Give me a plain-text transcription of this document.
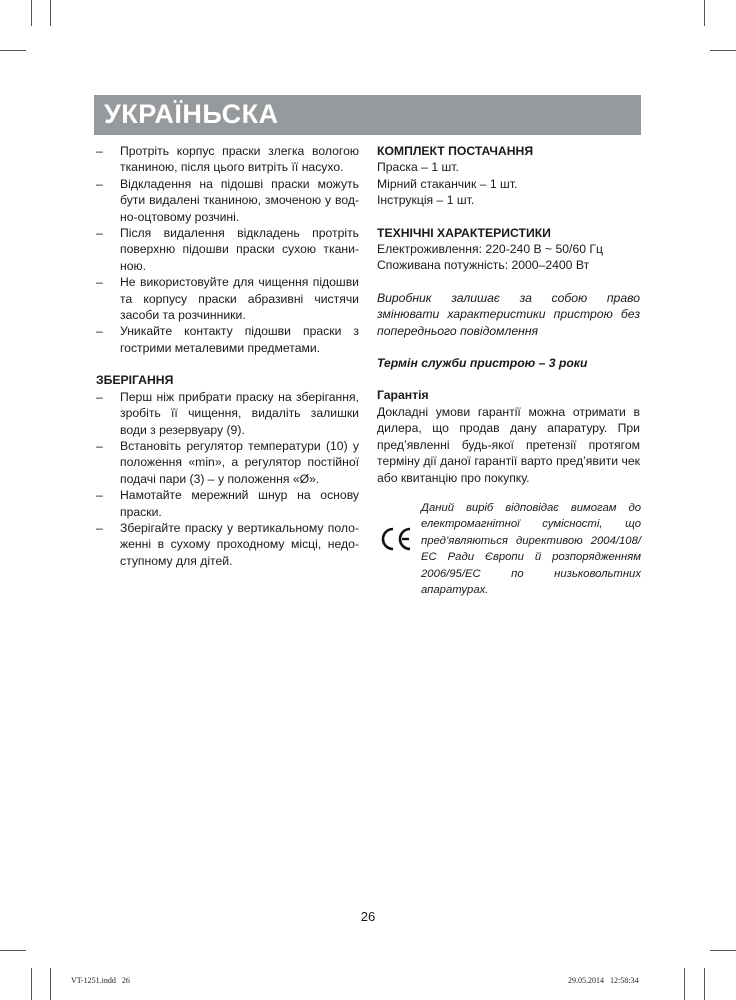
УКРАЇНЬСКА
– Протріть корпус праски злегка вологою тканиною, після цього витріть її насухо.
– Відкладення на підошві праски можуть бути видалені тканиною, змоченою у водно-оцтовому розчині.
– Після видалення відкладень протріть поверхню підошви праски сухою тканиною.
– Не використовуйте для чищення підошви та корпусу праски абразивні чистячи засоби та розчинники.
– Уникайте контакту підошви праски з гострими металевими предметами.

ЗБЕРІГАННЯ

– Перш ніж прибрати праску на зберігання, зробіть її чищення, видаліть залишки води з резервуару (9).
– Встановіть регулятор температури (10) у положення «min», а регулятор постійної подачі пари (3) – у положення «Ø».
– Намотайте мережний шнур на основу праски.
– Зберігайте праску у вертикальному положенні в сухому проходному місці, недоступному для дітей.

КОМПЛЕКТ ПОСТАЧАННЯ

Праска – 1 шт.

Мірний стаканчик – 1 шт.

Інструкція – 1 шт.

ТЕХНІЧНІ ХАРАКТЕРИСТИКИ

Електроживлення: 220-240 В ~ 50/60 Гц

Споживана потужність: 2000–2400 Вт

Виробник залишає за собою право змінювати характеристики пристрою без попереднього повідомлення

Термін служби пристрою – 3 роки

Гарантія

Докладні умови гарантії можна отримати в дилера, що продав дану апаратуру. При пред’явленні будь-якої претензії протягом терміну дії даної гарантії варто пред’явити чек або квитанцію про покупку.

CE

Даний виріб відповідає вимогам до електромагнітної сумісності, що пред’являються директивою 2004/108/ЕС Ради Європи й розпорядженням 2006/95/ЕС по низьковольтних апаратурах.

26
VT-1251.indd   26	29.05.2014   12:58:34
